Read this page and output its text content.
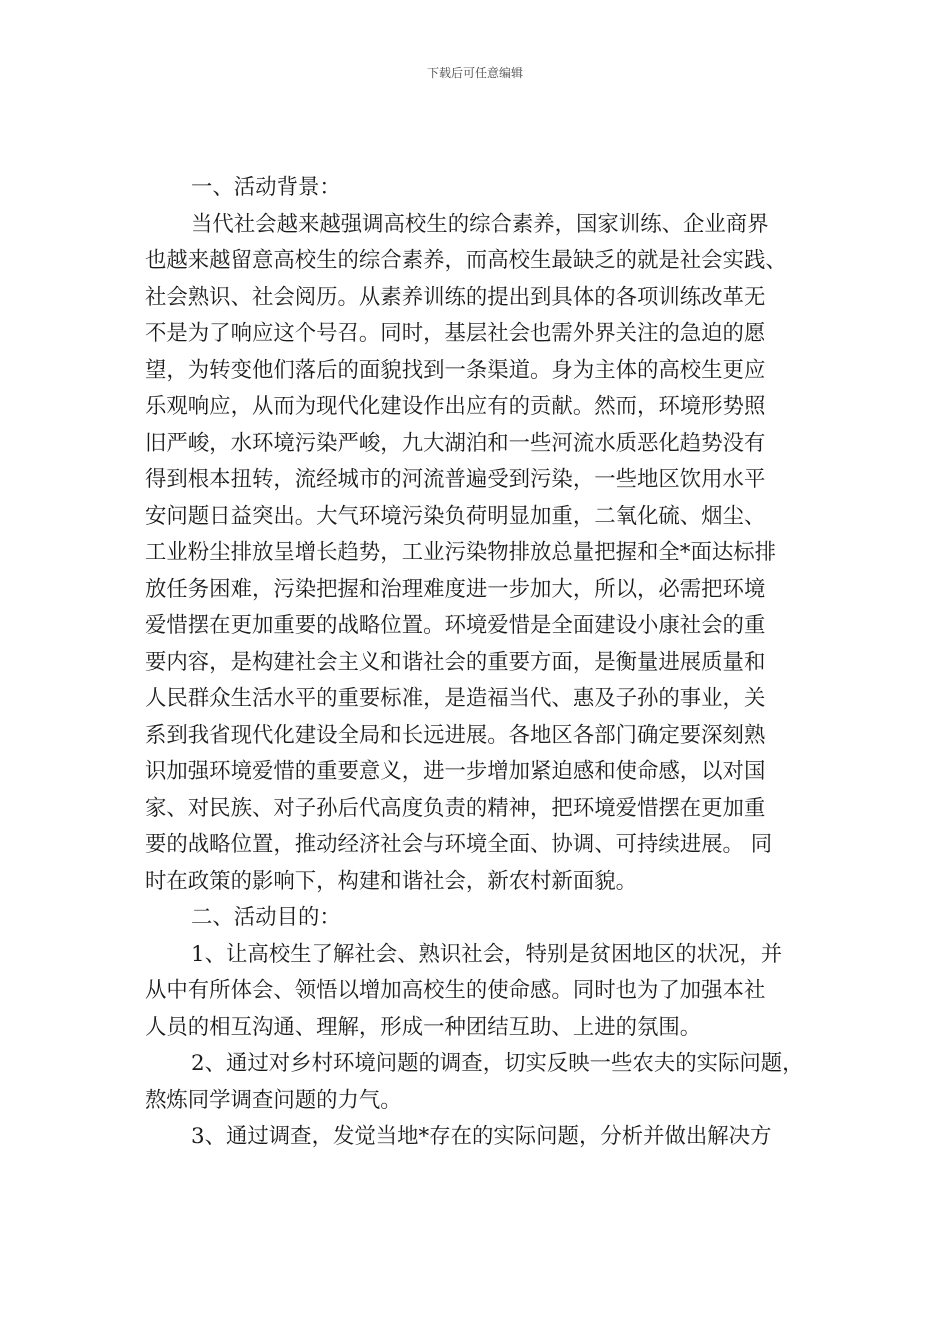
下载后可任意编辑
一、活动背景：
当代社会越来越强调高校生的综合素养，国家训练、企业商界
也越来越留意高校生的综合素养，而高校生最缺乏的就是社会实践、
社会熟识、社会阅历。从素养训练的提出到具体的各项训练改革无
不是为了响应这个号召。同时，基层社会也需外界关注的急迫的愿
望，为转变他们落后的面貌找到一条渠道。身为主体的高校生更应
乐观响应，从而为现代化建设作出应有的贡献。然而，环境形势照
旧严峻，水环境污染严峻，九大湖泊和一些河流水质恶化趋势没有
得到根本扭转，流经城市的河流普遍受到污染，一些地区饮用水平
安问题日益突出。大气环境污染负荷明显加重，二氧化硫、烟尘、
工业粉尘排放呈增长趋势，工业污染物排放总量把握和全*面达标排
放任务困难，污染把握和治理难度进一步加大，所以，必需把环境
爱惜摆在更加重要的战略位置。环境爱惜是全面建设小康社会的重
要内容，是构建社会主义和谐社会的重要方面，是衡量进展质量和
人民群众生活水平的重要标准，是造福当代、惠及子孙的事业，关
系到我省现代化建设全局和长远进展。各地区各部门确定要深刻熟
识加强环境爱惜的重要意义，进一步增加紧迫感和使命感，以对国
家、对民族、对子孙后代高度负责的精神，把环境爱惜摆在更加重
要的战略位置，推动经济社会与环境全面、协调、可持续进展。 同
时在政策的影响下，构建和谐社会，新农村新面貌。
二、活动目的：
1、让高校生了解社会、熟识社会，特别是贫困地区的状况，并
从中有所体会、领悟以增加高校生的使命感。同时也为了加强本社
人员的相互沟通、理解，形成一种团结互助、上进的氛围。
2、通过对乡村环境问题的调查，切实反映一些农夫的实际问题，
熬炼同学调查问题的力气。
3、通过调查，发觉当地*存在的实际问题，分析并做出解决方
